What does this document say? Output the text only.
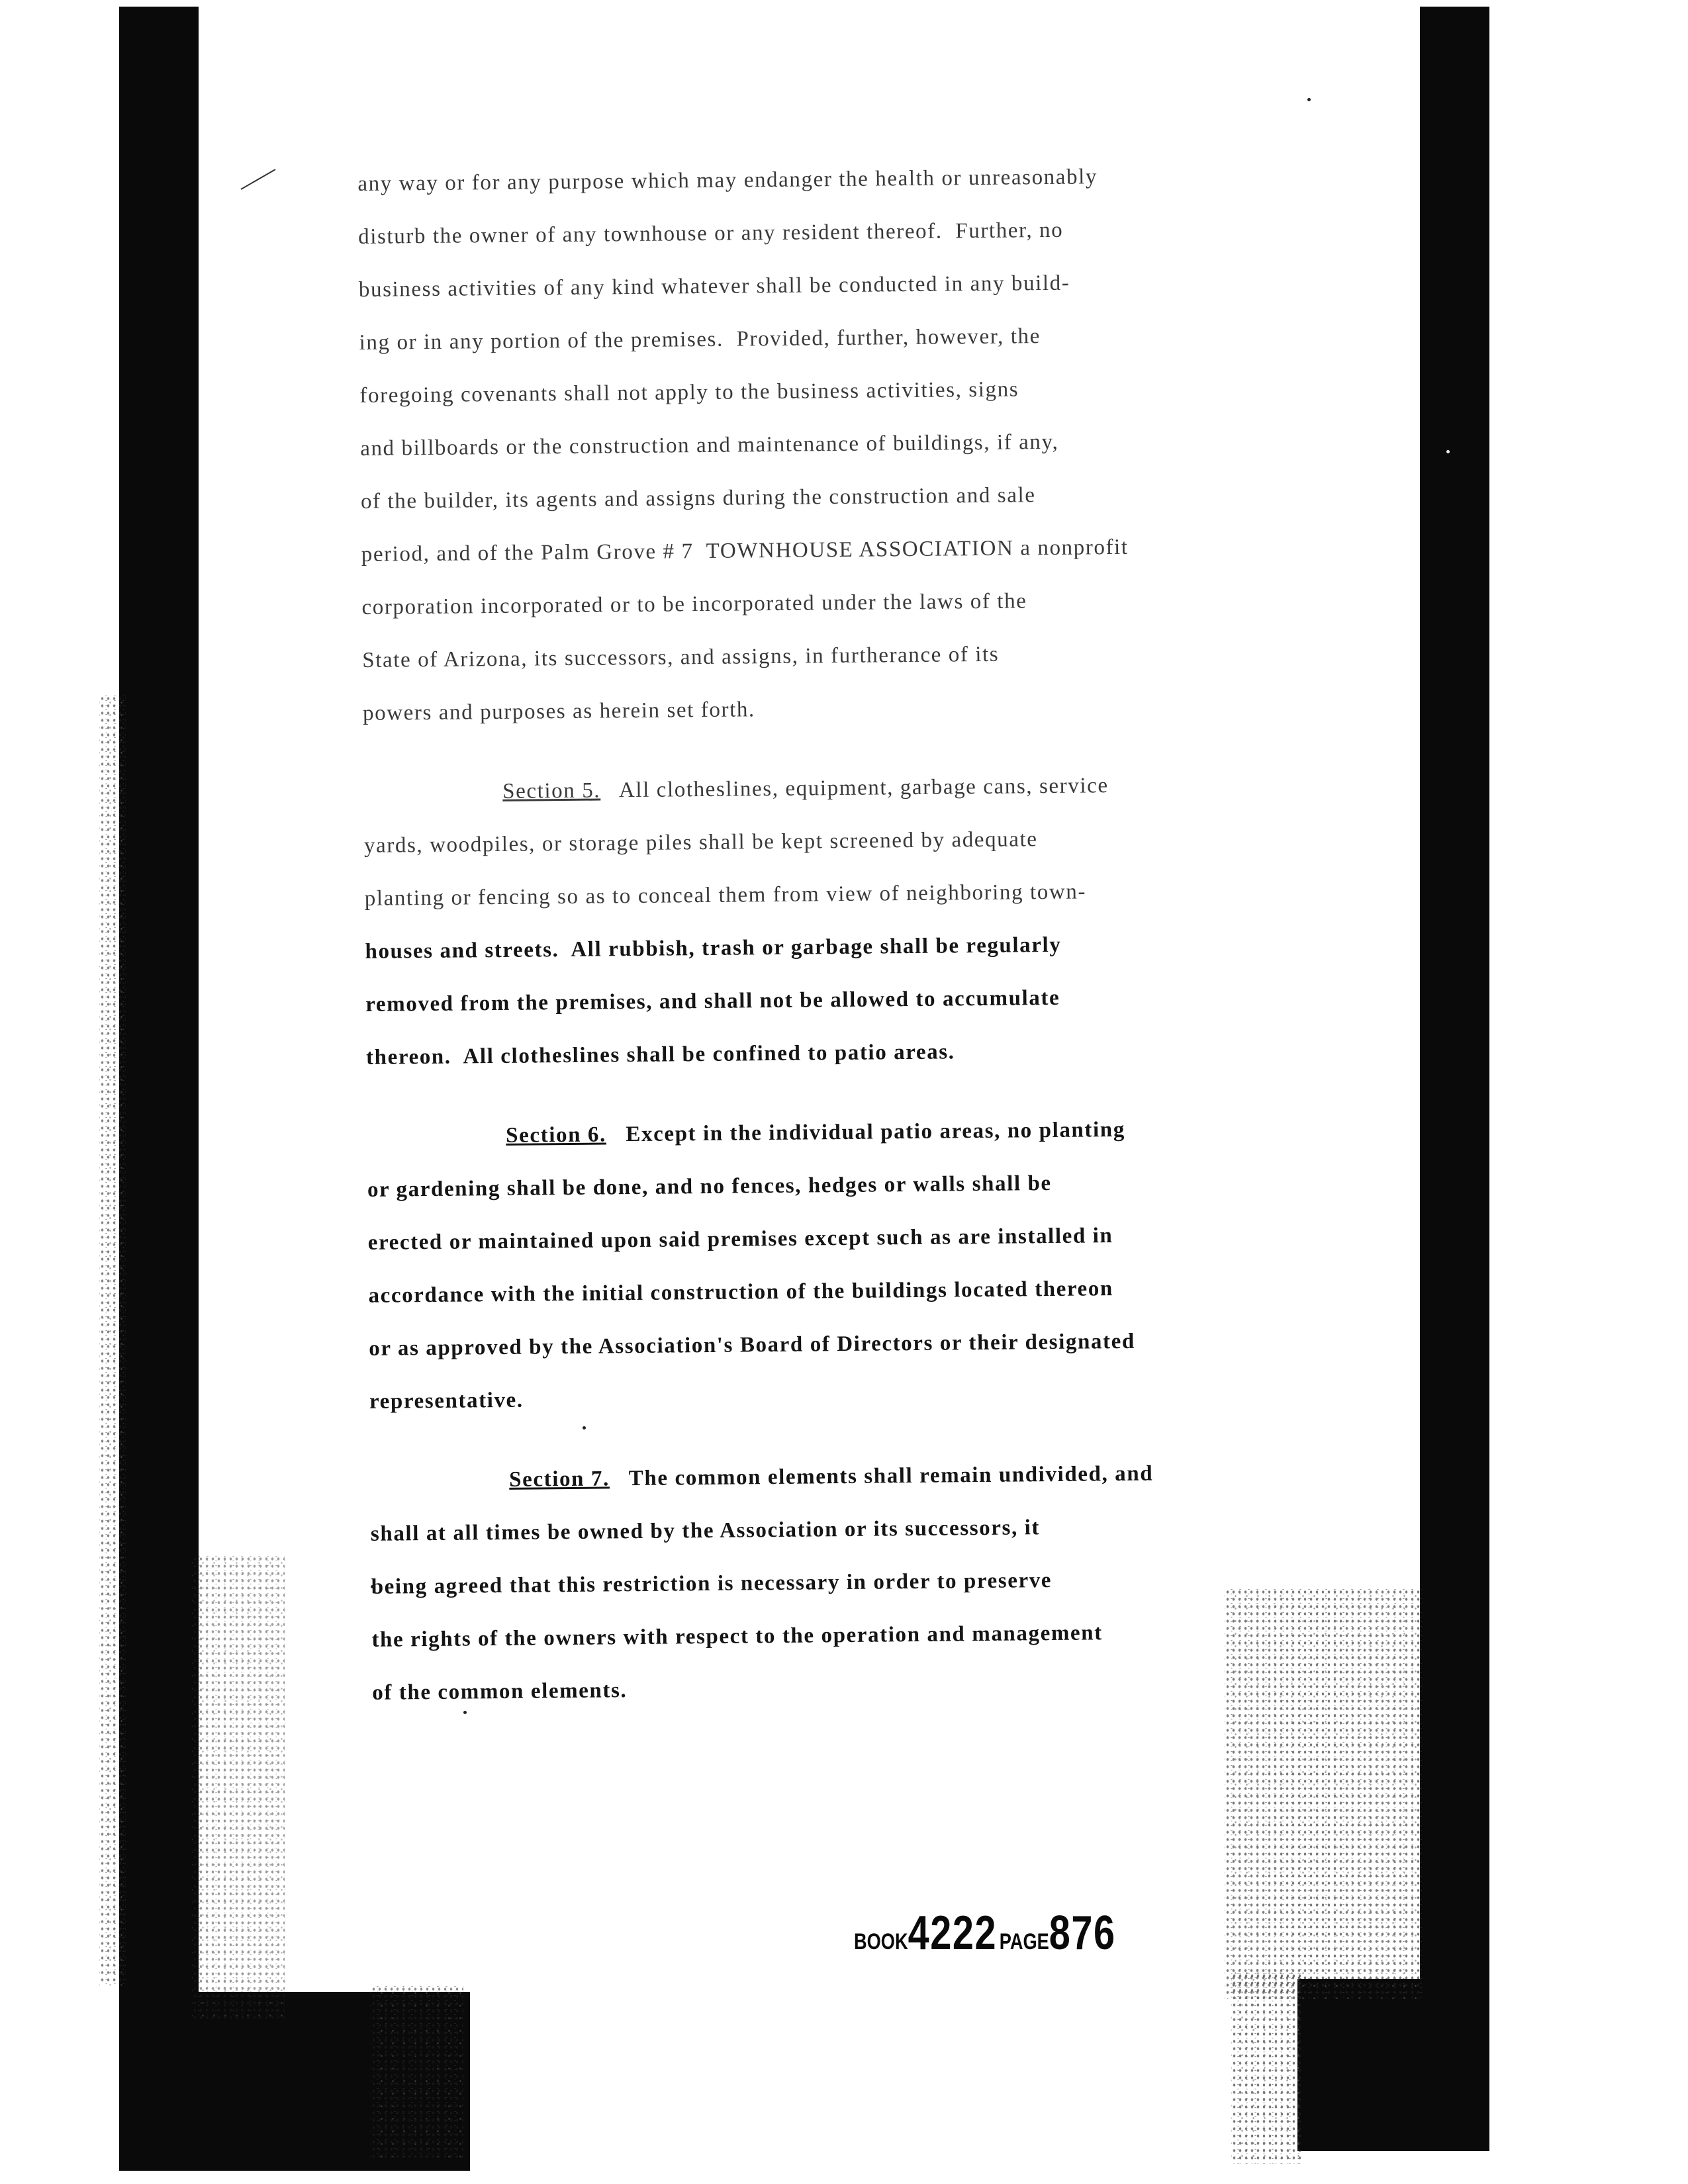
any way or for any purpose which may endanger the health or unreasonably
disturb the owner of any townhouse or any resident thereof.  Further, no
business activities of any kind whatever shall be conducted in any build-
ing or in any portion of the premises.  Provided, further, however, the
foregoing covenants shall not apply to the business activities, signs
and billboards or the construction and maintenance of buildings, if any,
of the builder, its agents and assigns during the construction and sale
period, and of the Palm Grove # 7  TOWNHOUSE ASSOCIATION a nonprofit
corporation incorporated or to be incorporated under the laws of the
State of Arizona, its successors, and assigns, in furtherance of its
powers and purposes as herein set forth.
Section 5. All clotheslines, equipment, garbage cans, service
yards, woodpiles, or storage piles shall be kept screened by adequate
planting or fencing so as to conceal them from view of neighboring town-
houses and streets.  All rubbish, trash or garbage shall be regularly
removed from the premises, and shall not be allowed to accumulate
thereon.  All clotheslines shall be confined to patio areas.
Section 6. Except in the individual patio areas, no planting
or gardening shall be done, and no fences, hedges or walls shall be
erected or maintained upon said premises except such as are installed in
accordance with the initial construction of the buildings located thereon
or as approved by the Association's Board of Directors or their designated
representative.
Section 7. The common elements shall remain undivided, and
shall at all times be owned by the Association or its successors, it
being agreed that this restriction is necessary in order to preserve
the rights of the owners with respect to the operation and management
of the common elements.
BOOK4222 PAGE876
